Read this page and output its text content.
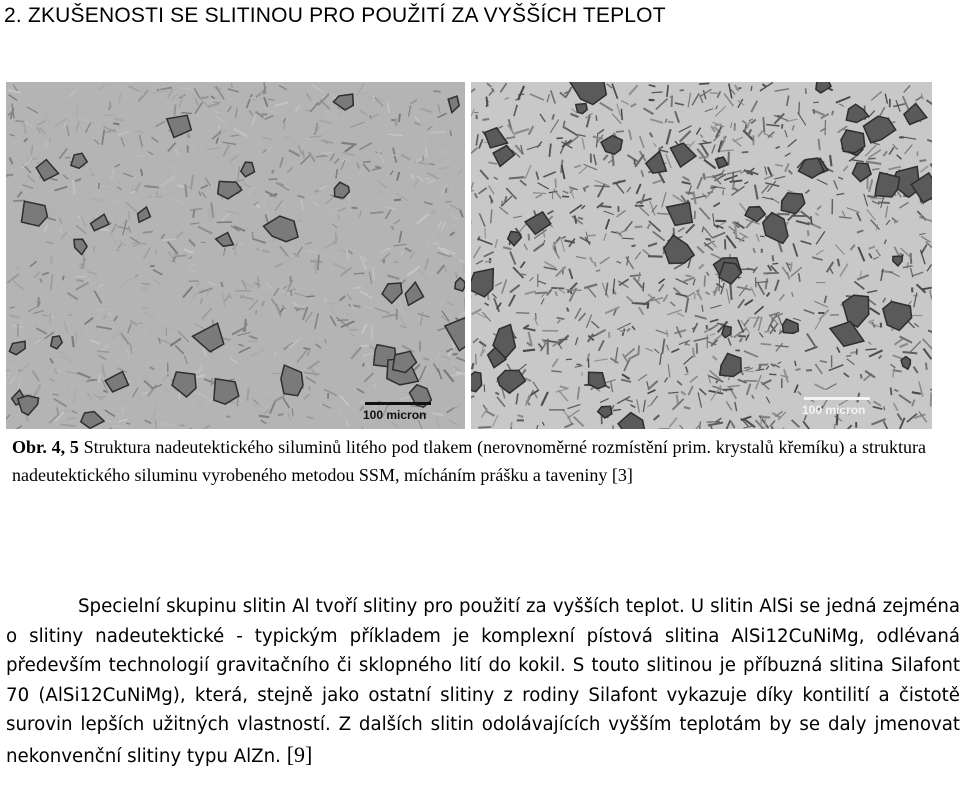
2. ZKUŠENOSTI SE SLITINOU PRO POUŽITÍ ZA VYŠŠÍCH TEPLOT
100 micron	100 micron
Obr. 4, 5 Struktura nadeutektického siluminů litého pod tlakem (nerovnoměrné rozmístění prim. krystalů křemíku) a struktura nadeutektického siluminu vyrobeného metodou SSM, mícháním prášku a taveniny [3]
Specielní skupinu slitin Al tvoří slitiny pro použití za vyšších teplot. U slitin AlSi se jedná zejména o slitiny nadeutektické - typickým příkladem je komplexní pístová slitina AlSi12CuNiMg, odlévaná především technologií gravitačního či sklopného lití do kokil. S touto slitinou je příbuzná slitina Silafont 70 (AlSi12CuNiMg), která, stejně jako ostatní slitiny z rodiny Silafont vykazuje díky kontilití a čistotě surovin lepších užitných vlastností. Z dalších slitin odolávajících vyšším teplotám by se daly jmenovat nekonvenční slitiny typu AlZn. [9]
